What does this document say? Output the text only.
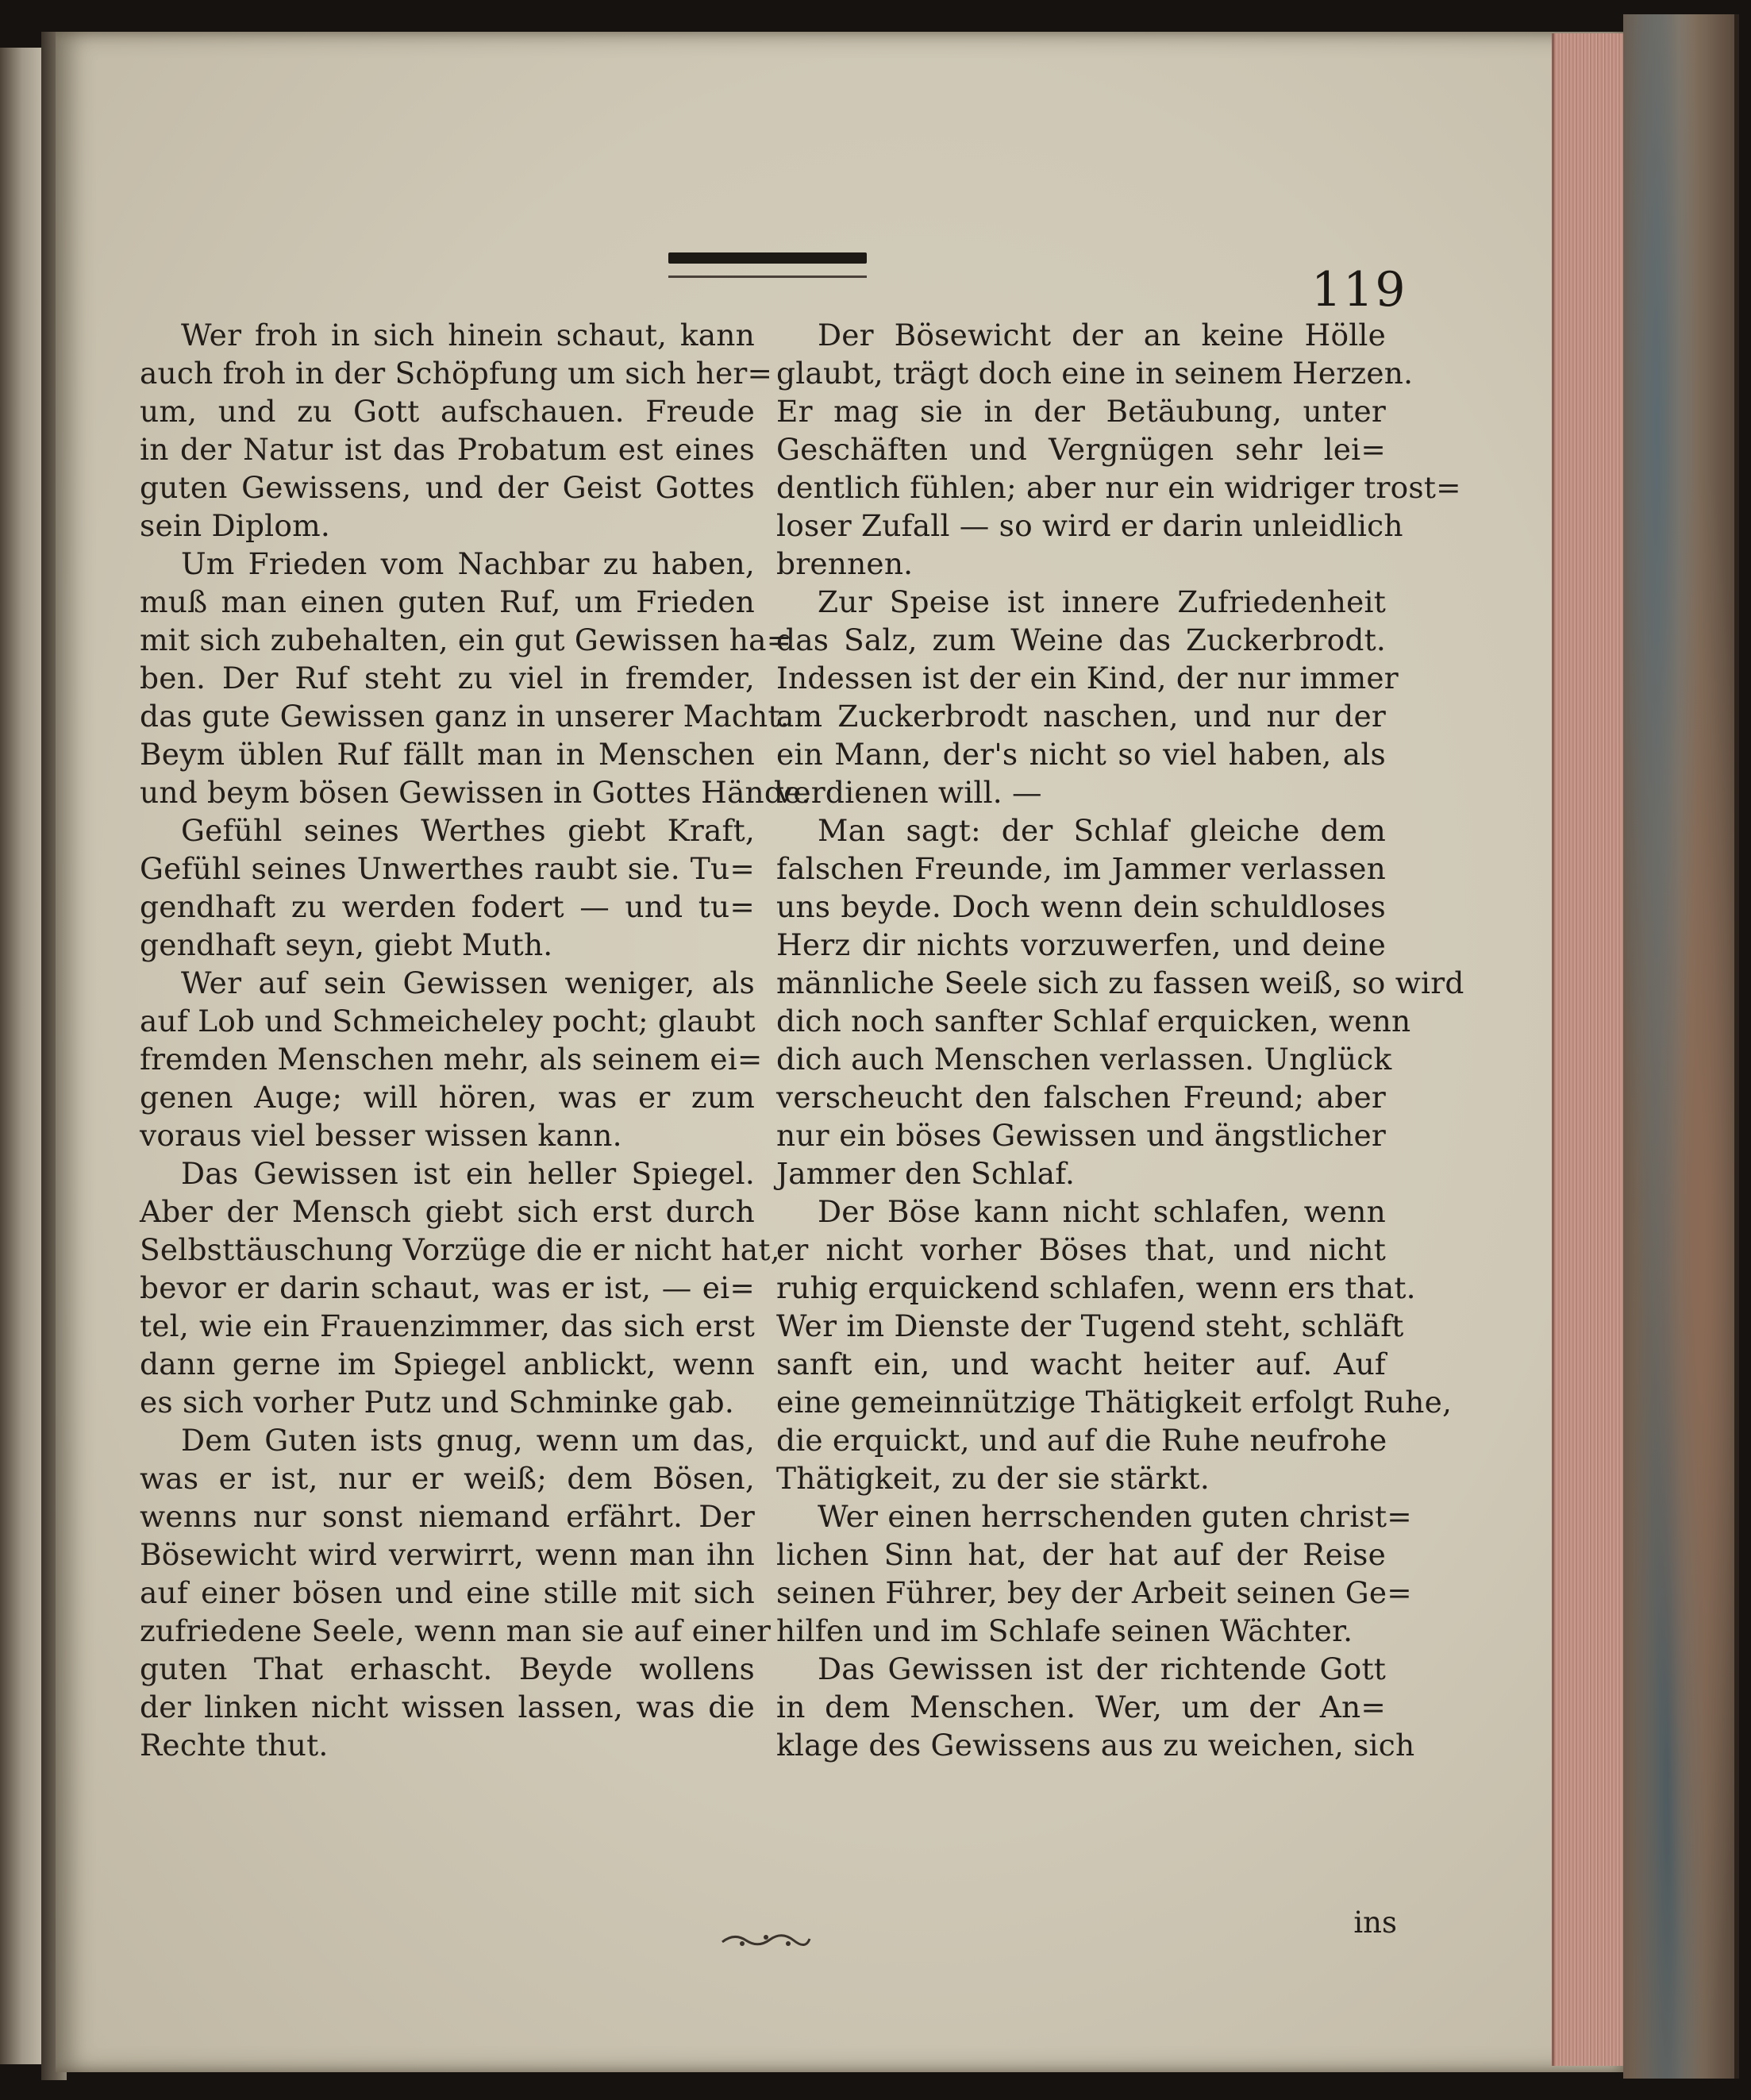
119
Wer froh in sich hinein schaut, kann
auch froh in der Schöpfung um sich her=
um, und zu Gott aufschauen. Freude
in der Natur ist das Probatum est eines
guten Gewissens, und der Geist Gottes
sein Diplom.
Um Frieden vom Nachbar zu haben,
muß man einen guten Ruf, um Frieden
mit sich zubehalten, ein gut Gewissen ha=
ben. Der Ruf steht zu viel in fremder,
das gute Gewissen ganz in unserer Macht.
Beym üblen Ruf fällt man in Menschen
und beym bösen Gewissen in Gottes Hände.
Gefühl seines Werthes giebt Kraft,
Gefühl seines Unwerthes raubt sie. Tu=
gendhaft zu werden fodert — und tu=
gendhaft seyn, giebt Muth.
Wer auf sein Gewissen weniger, als
auf Lob und Schmeicheley pocht; glaubt
fremden Menschen mehr, als seinem ei=
genen Auge; will hören, was er zum
voraus viel besser wissen kann.
Das Gewissen ist ein heller Spiegel.
Aber der Mensch giebt sich erst durch
Selbsttäuschung Vorzüge die er nicht hat,
bevor er darin schaut, was er ist, — ei=
tel, wie ein Frauenzimmer, das sich erst
dann gerne im Spiegel anblickt, wenn
es sich vorher Putz und Schminke gab.
Dem Guten ists gnug, wenn um das,
was er ist, nur er weiß; dem Bösen,
wenns nur sonst niemand erfährt. Der
Bösewicht wird verwirrt, wenn man ihn
auf einer bösen und eine stille mit sich
zufriedene Seele, wenn man sie auf einer
guten That erhascht. Beyde wollens
der linken nicht wissen lassen, was die
Rechte thut.
Der Bösewicht der an keine Hölle
glaubt, trägt doch eine in seinem Herzen.
Er mag sie in der Betäubung, unter
Geschäften und Vergnügen sehr lei=
dentlich fühlen; aber nur ein widriger trost=
loser Zufall — so wird er darin unleidlich
brennen.
Zur Speise ist innere Zufriedenheit
das Salz, zum Weine das Zuckerbrodt.
Indessen ist der ein Kind, der nur immer
am Zuckerbrodt naschen, und nur der
ein Mann, der's nicht so viel haben, als
verdienen will. —
Man sagt: der Schlaf gleiche dem
falschen Freunde, im Jammer verlassen
uns beyde. Doch wenn dein schuldloses
Herz dir nichts vorzuwerfen, und deine
männliche Seele sich zu fassen weiß, so wird
dich noch sanfter Schlaf erquicken, wenn
dich auch Menschen verlassen. Unglück
verscheucht den falschen Freund; aber
nur ein böses Gewissen und ängstlicher
Jammer den Schlaf.
Der Böse kann nicht schlafen, wenn
er nicht vorher Böses that, und nicht
ruhig erquickend schlafen, wenn ers that.
Wer im Dienste der Tugend steht, schläft
sanft ein, und wacht heiter auf. Auf
eine gemeinnützige Thätigkeit erfolgt Ruhe,
die erquickt, und auf die Ruhe neufrohe
Thätigkeit, zu der sie stärkt.
Wer einen herrschenden guten christ=
lichen Sinn hat, der hat auf der Reise
seinen Führer, bey der Arbeit seinen Ge=
hilfen und im Schlafe seinen Wächter.
Das Gewissen ist der richtende Gott
in dem Menschen. Wer, um der An=
klage des Gewissens aus zu weichen, sich
ins
